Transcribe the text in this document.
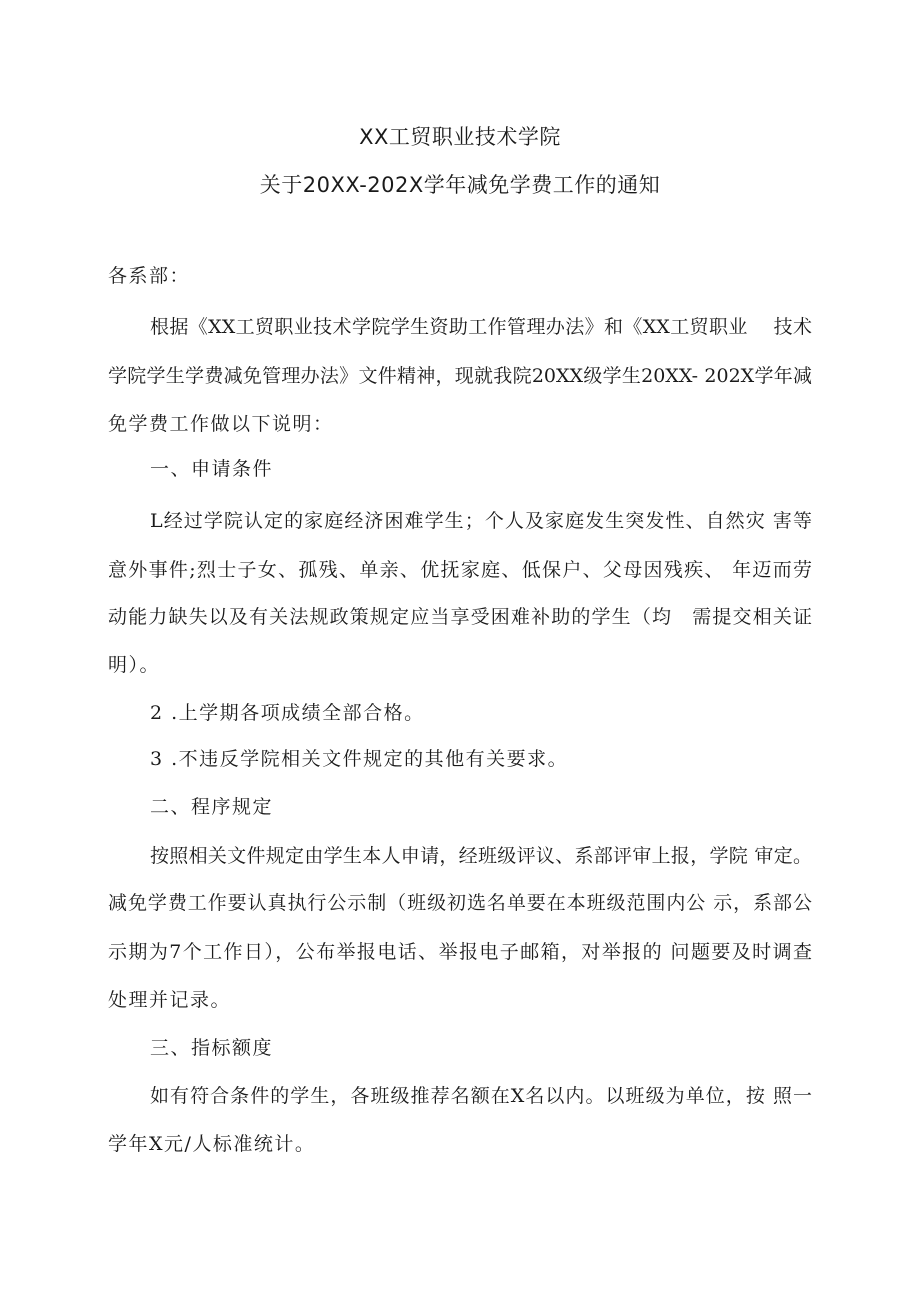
XX工贸职业技术学院
关于20XX-202X学年减免学费工作的通知
各系部：
根据《XX工贸职业技术学院学生资助工作管理办法》和《XX工贸职业　 技术
学院学生学费减免管理办法》文件精神，现就我院20XX级学生20XX- 202X学年减
免学费工作做以下说明：
一、申请条件
L经过学院认定的家庭经济困难学生；个人及家庭发生突发性、自然灾 害等
意外事件;烈士子女、孤残、单亲、优抚家庭、低保户、父母因残疾、 年迈而劳
动能力缺失以及有关法规政策规定应当享受困难补助的学生（均　需提交相关证
明）。
2 .上学期各项成绩全部合格。
3 .不违反学院相关文件规定的其他有关要求。
二、程序规定
按照相关文件规定由学生本人申请，经班级评议、系部评审上报，学院 审定。
减免学费工作要认真执行公示制（班级初选名单要在本班级范围内公 示，系部公
示期为7个工作日），公布举报电话、举报电子邮箱，对举报的 问题要及时调查
处理并记录。
三、指标额度
如有符合条件的学生，各班级推荐名额在X名以内。以班级为单位，按 照一
学年X元/人标准统计。
